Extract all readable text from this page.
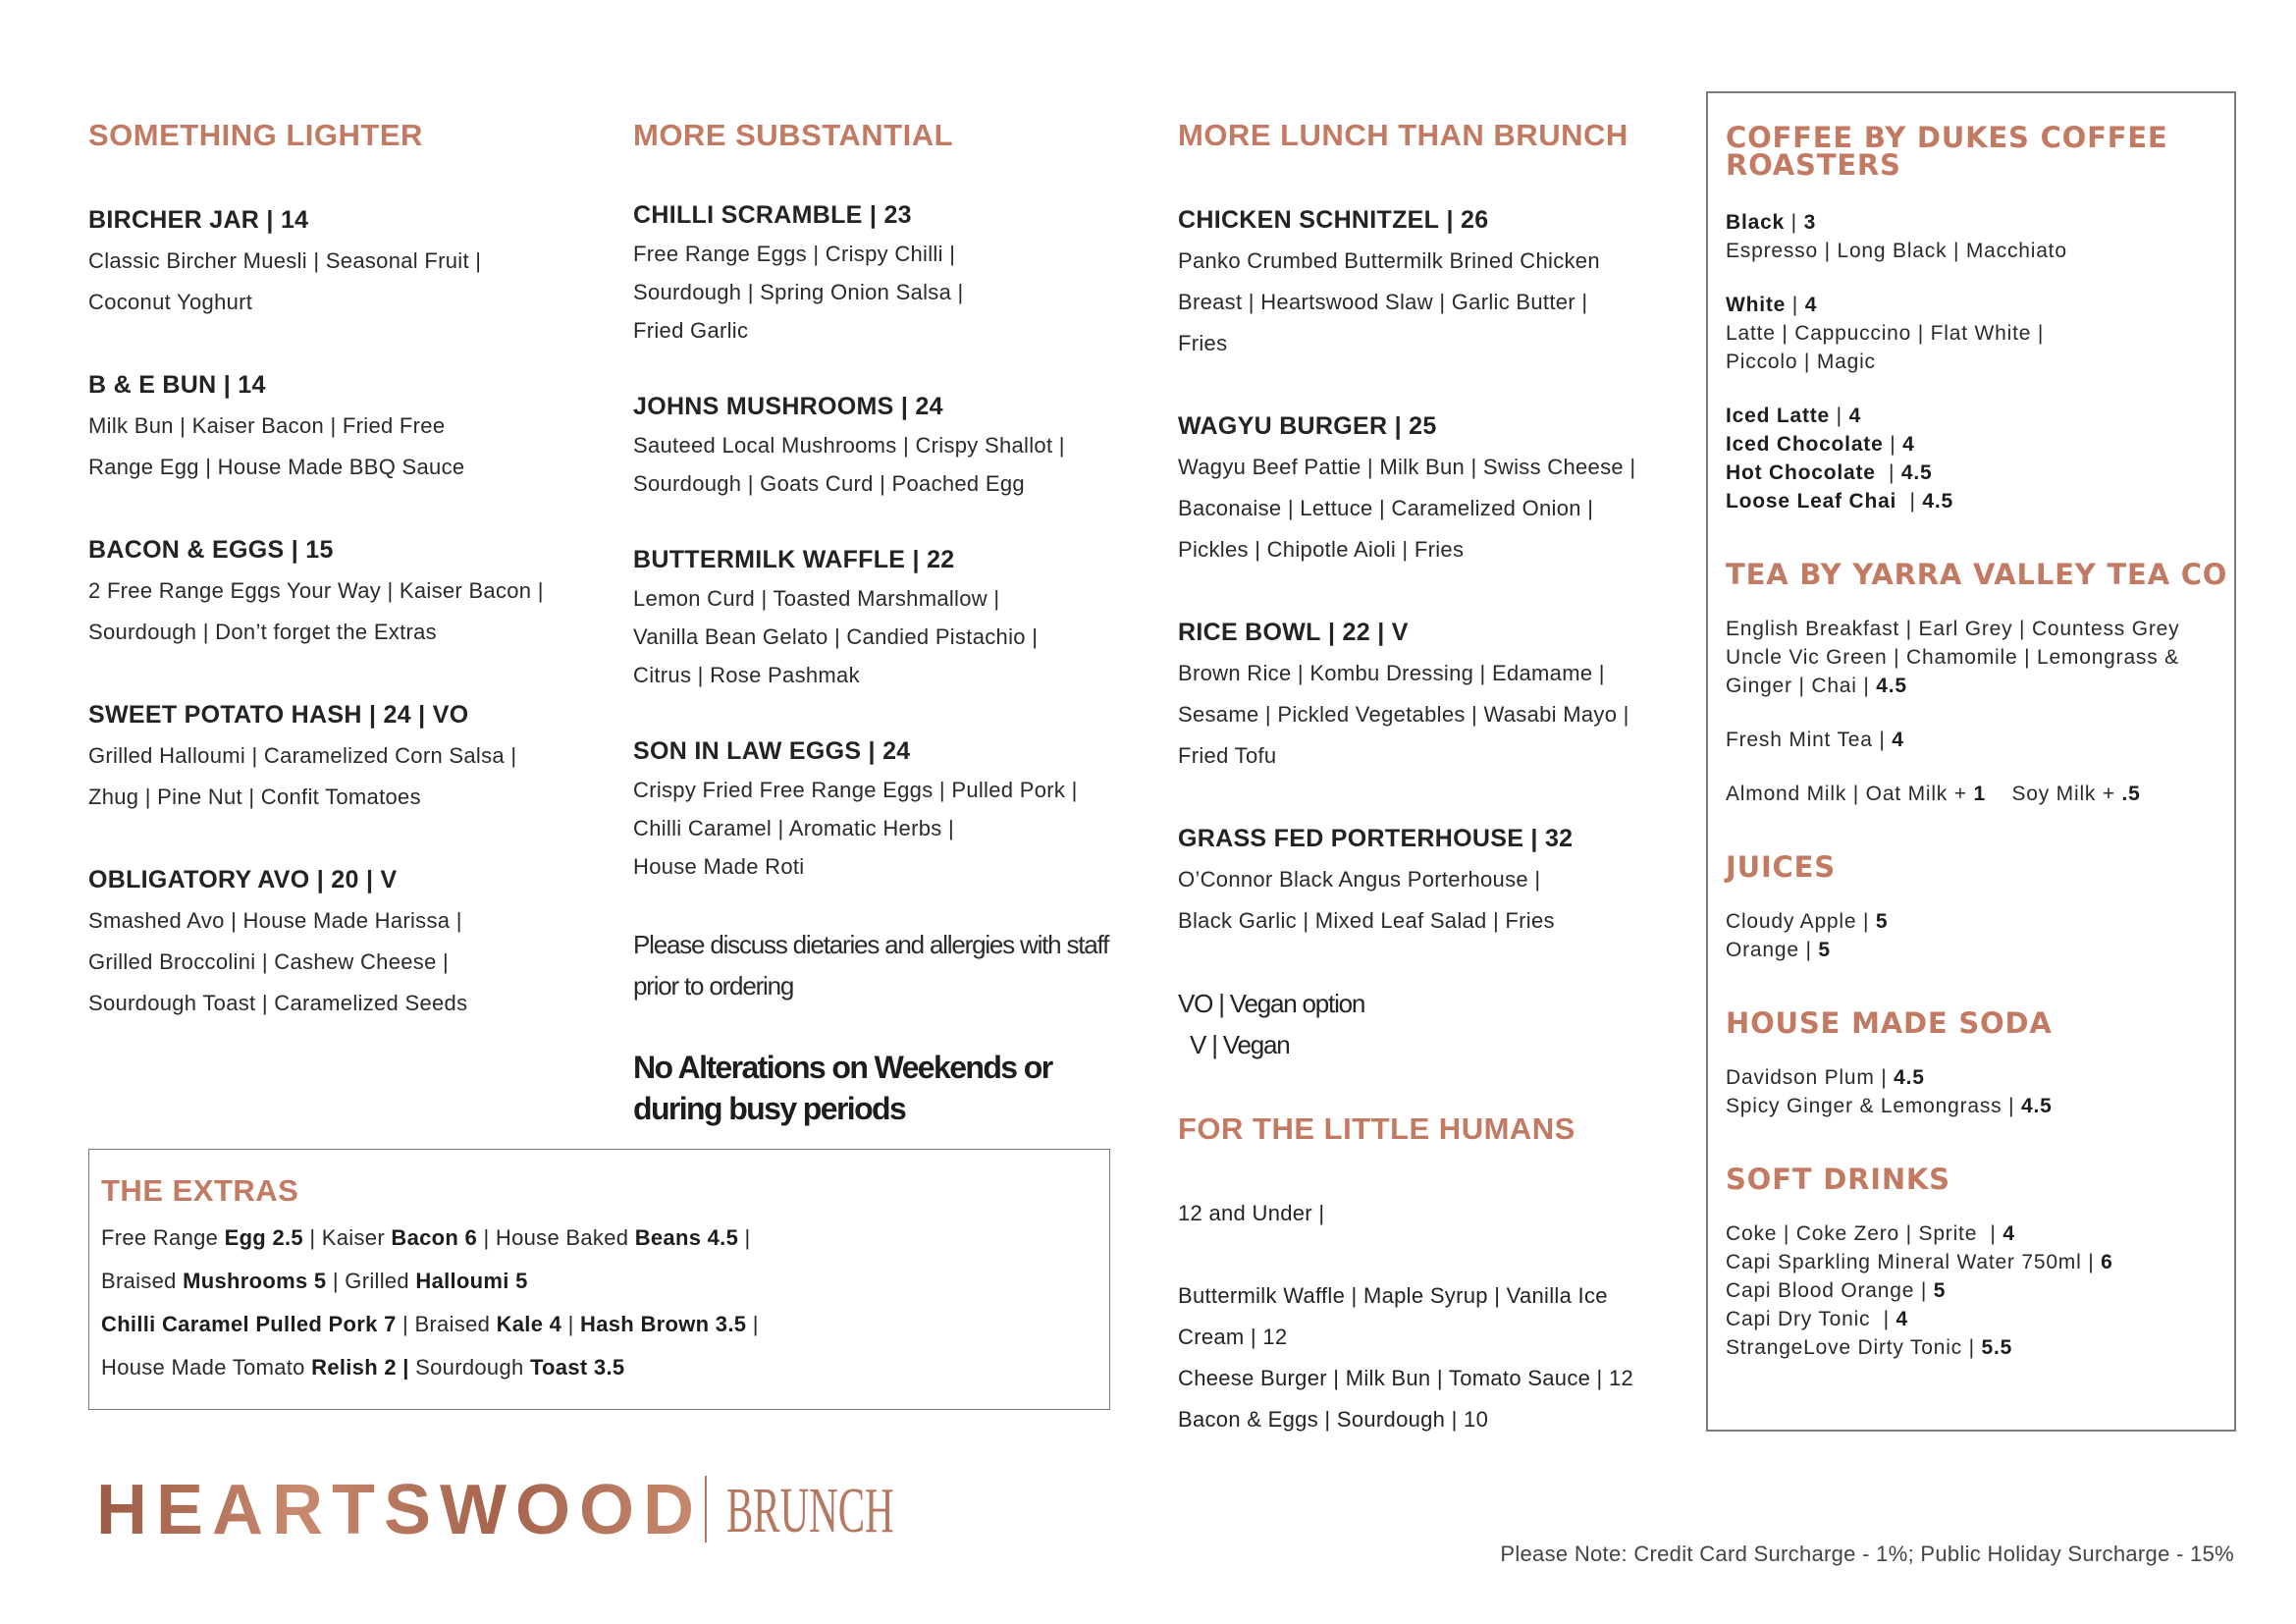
SOMETHING LIGHTER
BIRCHER JAR | 14
Classic Bircher Muesli | Seasonal Fruit |
Coconut Yoghurt
B & E BUN | 14
Milk Bun | Kaiser Bacon | Fried Free
Range Egg | House Made BBQ Sauce
BACON & EGGS | 15
2 Free Range Eggs Your Way | Kaiser Bacon |
Sourdough | Don’t forget the Extras
SWEET POTATO HASH | 24 | VO
Grilled Halloumi | Caramelized Corn Salsa |
Zhug | Pine Nut | Confit Tomatoes
OBLIGATORY AVO | 20 | V
Smashed Avo | House Made Harissa |
Grilled Broccolini | Cashew Cheese |
Sourdough Toast | Caramelized Seeds
MORE SUBSTANTIAL
CHILLI SCRAMBLE | 23
Free Range Eggs | Crispy Chilli |
Sourdough | Spring Onion Salsa |
Fried Garlic
JOHNS MUSHROOMS | 24
Sauteed Local Mushrooms | Crispy Shallot |
Sourdough | Goats Curd | Poached Egg
BUTTERMILK WAFFLE | 22
Lemon Curd | Toasted Marshmallow |
Vanilla Bean Gelato | Candied Pistachio |
Citrus | Rose Pashmak
SON IN LAW EGGS | 24
Crispy Fried Free Range Eggs | Pulled Pork |
Chilli Caramel | Aromatic Herbs |
House Made Roti
Please discuss dietaries and allergies with staff
prior to ordering
No Alterations on Weekends or
during busy periods
MORE LUNCH THAN BRUNCH
CHICKEN SCHNITZEL | 26
Panko Crumbed Buttermilk Brined Chicken
Breast | Heartswood Slaw | Garlic Butter |
Fries
WAGYU BURGER | 25
Wagyu Beef Pattie | Milk Bun | Swiss Cheese |
Baconaise | Lettuce | Caramelized Onion |
Pickles | Chipotle Aioli | Fries
RICE BOWL | 22 | V
Brown Rice | Kombu Dressing | Edamame |
Sesame | Pickled Vegetables | Wasabi Mayo |
Fried Tofu
GRASS FED PORTERHOUSE | 32
O’Connor Black Angus Porterhouse |
Black Garlic | Mixed Leaf Salad | Fries
VO | Vegan option
V | Vegan
FOR THE LITTLE HUMANS
12 and Under |

Buttermilk Waffle | Maple Syrup | Vanilla Ice
Cream | 12
Cheese Burger | Milk Bun | Tomato Sauce | 12
Bacon & Eggs | Sourdough | 10
COFFEE BY DUKES COFFEE
ROASTERS
Black | 3
Espresso | Long Black | Macchiato
White | 4
Latte | Cappuccino | Flat White |
Piccolo | Magic
Iced Latte | 4
Iced Chocolate | 4
Hot Chocolate  | 4.5
Loose Leaf Chai  | 4.5
TEA BY YARRA VALLEY TEA CO
English Breakfast | Earl Grey | Countess Grey
Uncle Vic Green | Chamomile | Lemongrass &
Ginger | Chai | 4.5
Fresh Mint Tea | 4
Almond Milk | Oat Milk + 1    Soy Milk + .5
JUICES
Cloudy Apple | 5
Orange | 5
HOUSE MADE SODA
Davidson Plum | 4.5
Spicy Ginger & Lemongrass | 4.5
SOFT DRINKS
Coke | Coke Zero | Sprite  | 4
Capi Sparkling Mineral Water 750ml | 6
Capi Blood Orange | 5
Capi Dry Tonic  | 4
StrangeLove Dirty Tonic | 5.5
THE EXTRAS
Free Range Egg 2.5 | Kaiser Bacon 6 | House Baked Beans 4.5 |
Braised Mushrooms 5 | Grilled Halloumi 5
Chilli Caramel Pulled Pork 7 | Braised Kale 4 | Hash Brown 3.5 |
House Made Tomato Relish 2 | Sourdough Toast 3.5
HEARTSWOOD BRUNCH
Please Note: Credit Card Surcharge - 1%; Public Holiday Surcharge - 15%
